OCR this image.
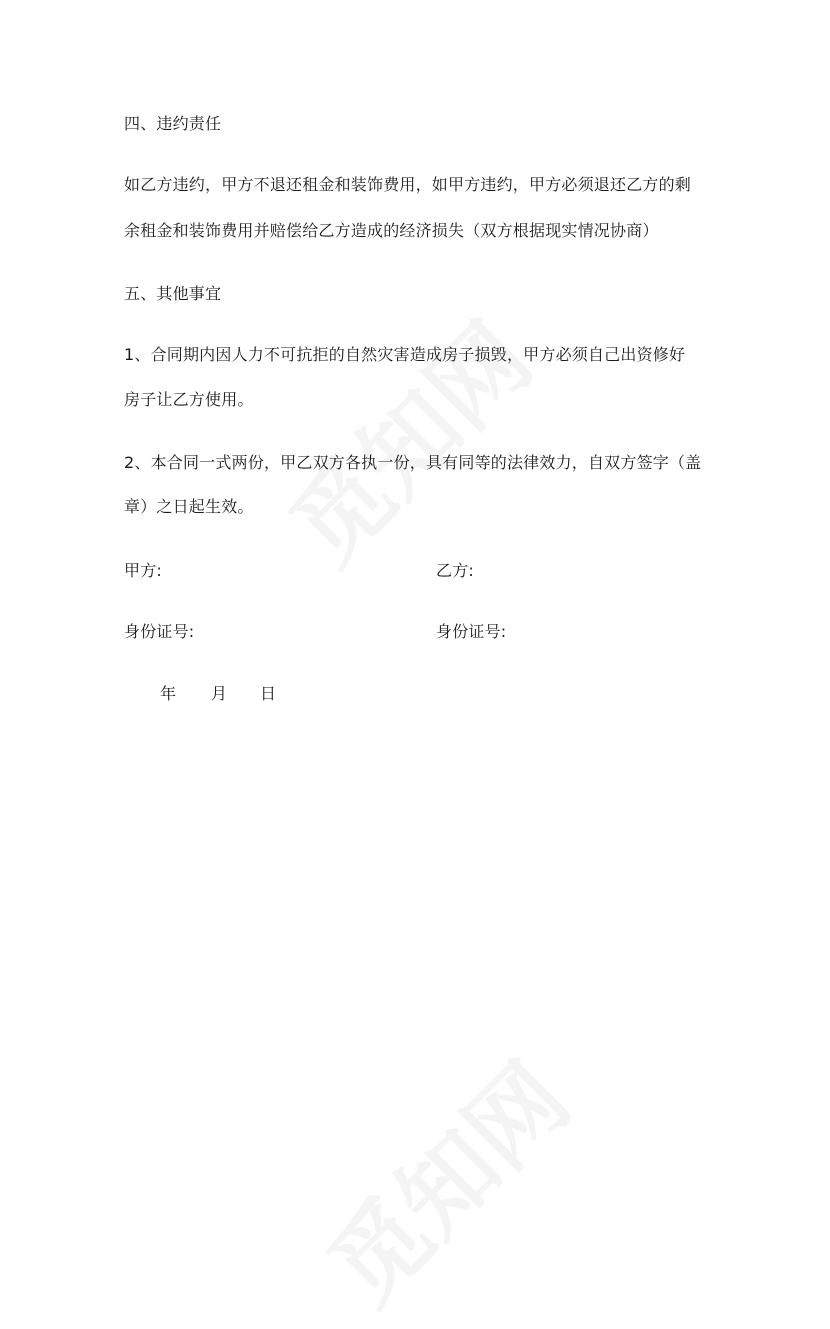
四、违约责任
如乙方违约，甲方不退还租金和装饰费用，如甲方违约，甲方必须退还乙方的剩
余租金和装饰费用并赔偿给乙方造成的经济损失（双方根据现实情况协商）
五、其他事宜
1、合同期内因人力不可抗拒的自然灾害造成房子损毁，甲方必须自己出资修好
房子让乙方使用。
2、本合同一式两份，甲乙双方各执一份，具有同等的法律效力，自双方签字（盖
章）之日起生效。
甲方:	乙方:
身份证号:	身份证号:
年 月 日
